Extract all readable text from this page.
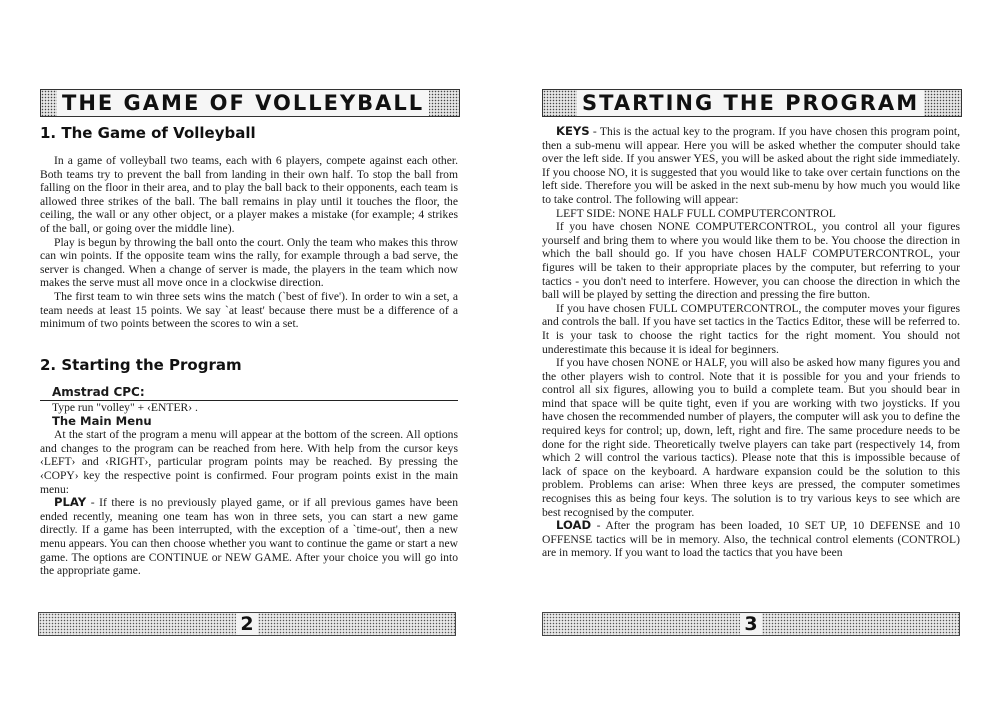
THE GAME OF VOLLEYBALL
1. The Game of Volleyball

In a game of volleyball two teams, each with 6 players, compete against each other. Both teams try to prevent the ball from landing in their own half. To stop the ball from falling on the floor in their area, and to play the ball back to their opponents, each team is allowed three strikes of the ball. The ball remains in play until it touches the floor, the ceiling, the wall or any other object, or a player makes a mistake (for example; 4 strikes of the ball, or going over the middle line).

Play is begun by throwing the ball onto the court. Only the team who makes this throw can win points. If the opposite team wins the rally, for example through a bad serve, the server is changed. When a change of server is made, the players in the team which now makes the serve must all move once in a clockwise direction.

The first team to win three sets wins the match (`best of five'). In order to win a set, a team needs at least 15 points. We say `at least' because there must be a difference of a minimum of two points between the scores to win a set.

2. Starting the Program
Amstrad CPC:

Type run "volley" + ‹ENTER› .

The Main Menu

At the start of the program a menu will appear at the bottom of the screen. All options and changes to the program can be reached from here. With help from the cursor keys ‹LEFT› and ‹RIGHT›, particular program points may be reached. By pressing the ‹COPY› key the respective point is confirmed. Four program points exist in the main menu:

PLAY - If there is no previously played game, or if all previous games have been ended recently, meaning one team has won in three sets, you can start a new game directly. If a game has been interrupted, with the exception of a `time-out', then a new menu appears. You can then choose whether you want to continue the game or start a new game. The options are CONTINUE or NEW GAME. After your choice you will go into the appropriate game.

2
STARTING THE PROGRAM

KEYS - This is the actual key to the program. If you have chosen this program point, then a sub-menu will appear. Here you will be asked whether the computer should take over the left side. If you answer YES, you will be asked about the right side immediately. If you choose NO, it is suggested that you would like to take over certain functions on the left side. Therefore you will be asked in the next sub-menu by how much you would like to take control. The following will appear:

LEFT SIDE: NONE HALF FULL COMPUTERCONTROL

If you have chosen NONE COMPUTERCONTROL, you control all your figures yourself and bring them to where you would like them to be. You choose the direction in which the ball should go. If you have chosen HALF COMPUTERCONTROL, your figures will be taken to their appropriate places by the computer, but referring to your tactics - you don't need to interfere. However, you can choose the direction in which the ball will be played by setting the direction and pressing the fire button.

If you have chosen FULL COMPUTERCONTROL, the computer moves your figures and controls the ball. If you have set tactics in the Tactics Editor, these will be referred to. It is your task to choose the right tactics for the right moment. You should not underestimate this because it is ideal for beginners.

If you have chosen NONE or HALF, you will also be asked how many figures you and the other players wish to control. Note that it is possible for you and your friends to control all six figures, allowing you to build a complete team. But you should bear in mind that space will be quite tight, even if you are working with two joysticks. If you have chosen the recommended number of players, the computer will ask you to define the required keys for control; up, down, left, right and fire. The same procedure needs to be done for the right side. Theoretically twelve players can take part (respectively 14, from which 2 will control the various tactics). Please note that this is impossible because of lack of space on the keyboard. A hardware expansion could be the solution to this problem. Problems can arise: When three keys are pressed, the computer sometimes recognises this as being four keys. The solution is to try various keys to see which are best recognised by the computer.

LOAD - After the program has been loaded, 10 SET UP, 10 DEFENSE and 10 OFFENSE tactics will be in memory. Also, the technical control elements (CONTROL) are in memory. If you want to load the tactics that you have been

3
